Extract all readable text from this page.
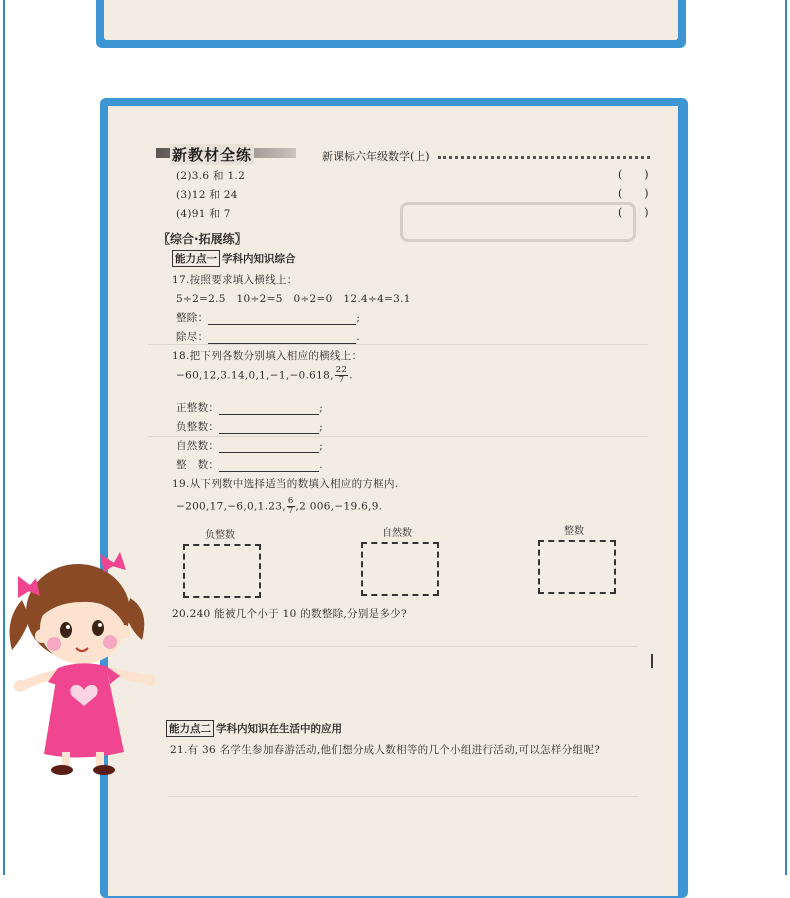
新教材全练	新课标六年级数学(上)
(2)3.6 和 1.2	(　　)
(3)12 和 24	(　　)
(4)91 和 7	(　　)
〖综合·拓展练〗
能力点一 学科内知识综合
17.按照要求填入横线上：
5÷2=2.5　10÷2=5　0÷2=0　12.4÷4=3.1
整除：	;
除尽：	.
18.把下列各数分别填入相应的横线上：
−60,12,3.14,0,1,−1,−0.618, $\frac{22}{7}$ .
正整数：	;
负整数：	;
自然数：	;
整　数：	.
19.从下列数中选择适当的数填入相应的方框内.
−200,17,−6,0,1.23, $\frac{6}{7} ,2$ 006,−19.6,9.
负整数	自然数	整数
20.240 能被几个小于 10 的数整除,分别是多少?
能力点二 学科内知识在生活中的应用
21.有 36 名学生参加春游活动,他们想分成人数相等的几个小组进行活动,可以怎样分组呢?
